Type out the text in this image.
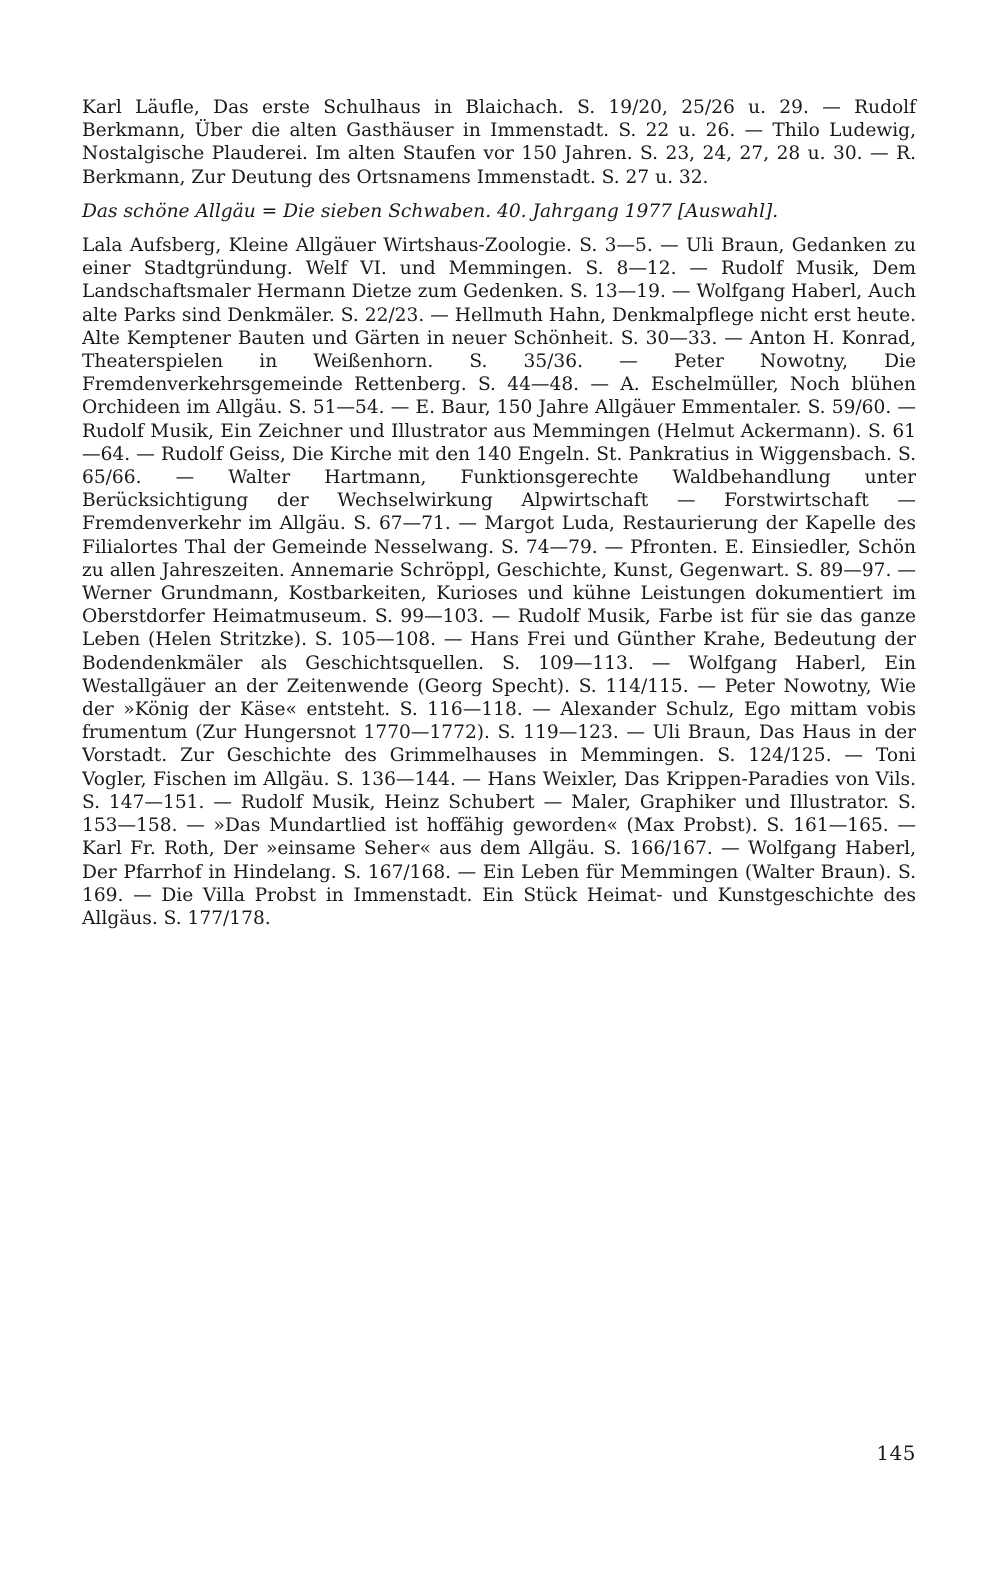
Karl Läufle, Das erste Schulhaus in Blaichach. S. 19/20, 25/26 u. 29. — Rudolf Berkmann, Über die alten Gasthäuser in Immenstadt. S. 22 u. 26. — Thilo Ludewig, Nostalgische Plauderei. Im alten Staufen vor 150 Jahren. S. 23, 24, 27, 28 u. 30. — R. Berkmann, Zur Deutung des Ortsnamens Immenstadt. S. 27 u. 32.

Das schöne Allgäu = Die sieben Schwaben. 40. Jahrgang 1977 [Auswahl].

Lala Aufsberg, Kleine Allgäuer Wirtshaus-Zoologie. S. 3—5. — Uli Braun, Gedanken zu einer Stadtgründung. Welf VI. und Memmingen. S. 8—12. — Rudolf Musik, Dem Landschaftsmaler Hermann Dietze zum Gedenken. S. 13—19. — Wolfgang Haberl, Auch alte Parks sind Denkmäler. S. 22/23. — Hellmuth Hahn, Denkmalpflege nicht erst heute. Alte Kemptener Bauten und Gärten in neuer Schönheit. S. 30—33. — Anton H. Konrad, Theaterspielen in Weißenhorn. S. 35/36. — Peter Nowotny, Die Fremdenverkehrsgemeinde Rettenberg. S. 44—48. — A. Eschelmüller, Noch blühen Orchideen im Allgäu. S. 51—54. — E. Baur, 150 Jahre Allgäuer Emmentaler. S. 59/60. — Rudolf Musik, Ein Zeichner und Illustrator aus Memmingen (Helmut Ackermann). S. 61—64. — Rudolf Geiss, Die Kirche mit den 140 Engeln. St. Pankratius in Wiggensbach. S. 65/66. — Walter Hartmann, Funktionsgerechte Waldbehandlung unter Berücksichtigung der Wechselwirkung Alpwirtschaft — Forstwirtschaft — Fremdenverkehr im Allgäu. S. 67—71. — Margot Luda, Restaurierung der Kapelle des Filialortes Thal der Gemeinde Nesselwang. S. 74—79. — Pfronten. E. Einsiedler, Schön zu allen Jahreszeiten. Annemarie Schröppl, Geschichte, Kunst, Gegenwart. S. 89—97. — Werner Grundmann, Kostbarkeiten, Kurioses und kühne Leistungen dokumentiert im Oberstdorfer Heimatmuseum. S. 99—103. — Rudolf Musik, Farbe ist für sie das ganze Leben (Helen Stritzke). S. 105—108. — Hans Frei und Günther Krahe, Bedeutung der Bodendenkmäler als Geschichtsquellen. S. 109—113. — Wolfgang Haberl, Ein Westallgäuer an der Zeitenwende (Georg Specht). S. 114/115. — Peter Nowotny, Wie der »König der Käse« entsteht. S. 116—118. — Alexander Schulz, Ego mittam vobis frumentum (Zur Hungersnot 1770—1772). S. 119—123. — Uli Braun, Das Haus in der Vorstadt. Zur Geschichte des Grimmelhauses in Memmingen. S. 124/125. — Toni Vogler, Fischen im Allgäu. S. 136—144. — Hans Weixler, Das Krippen-Paradies von Vils. S. 147—151. — Rudolf Musik, Heinz Schubert — Maler, Graphiker und Illustrator. S. 153—158. — »Das Mundartlied ist hoffähig geworden« (Max Probst). S. 161—165. — Karl Fr. Roth, Der »einsame Seher« aus dem Allgäu. S. 166/167. — Wolfgang Haberl, Der Pfarrhof in Hindelang. S. 167/168. — Ein Leben für Memmingen (Walter Braun). S. 169. — Die Villa Probst in Immenstadt. Ein Stück Heimat- und Kunstgeschichte des Allgäus. S. 177/178.

145
